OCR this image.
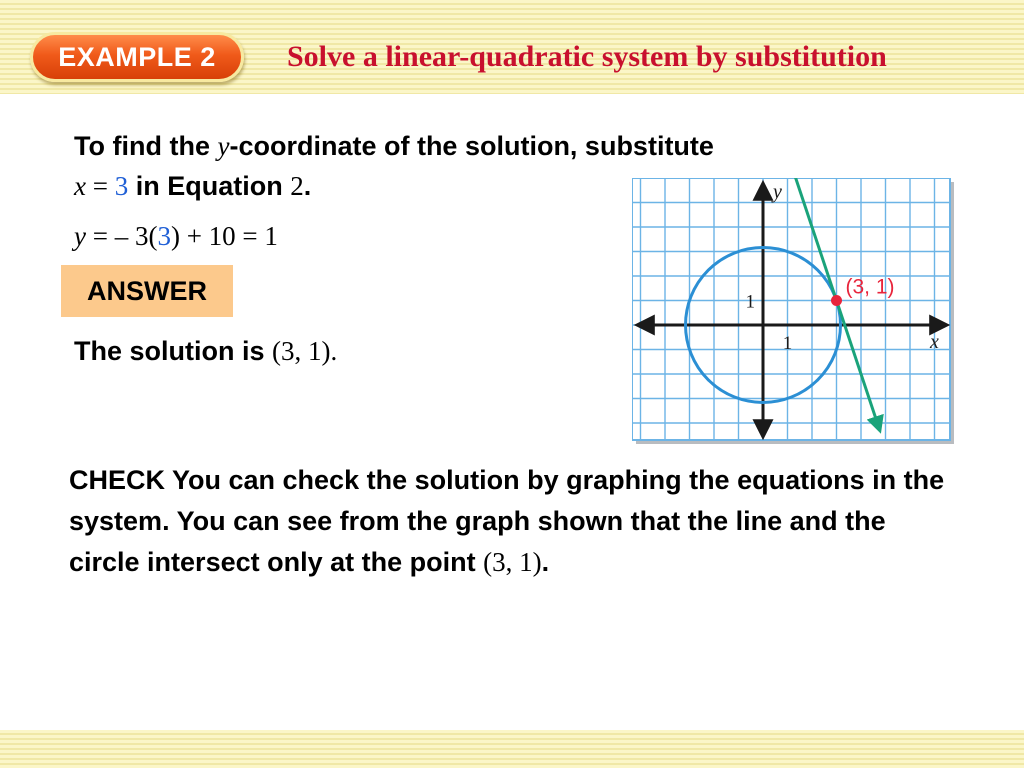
EXAMPLE 2 Solve a linear-quadratic system by substitution
To find the y-coordinate of the solution, substitute
x = 3 in Equation 2.
y = – 3(3) + 10 = 1
ANSWER
The solution is (3, 1).
CHECK You can check the solution by graphing the equations in the system. You can see from the graph shown that the line and the circle intersect only at the point (3, 1).
x
y
1
1
(3, 1)
